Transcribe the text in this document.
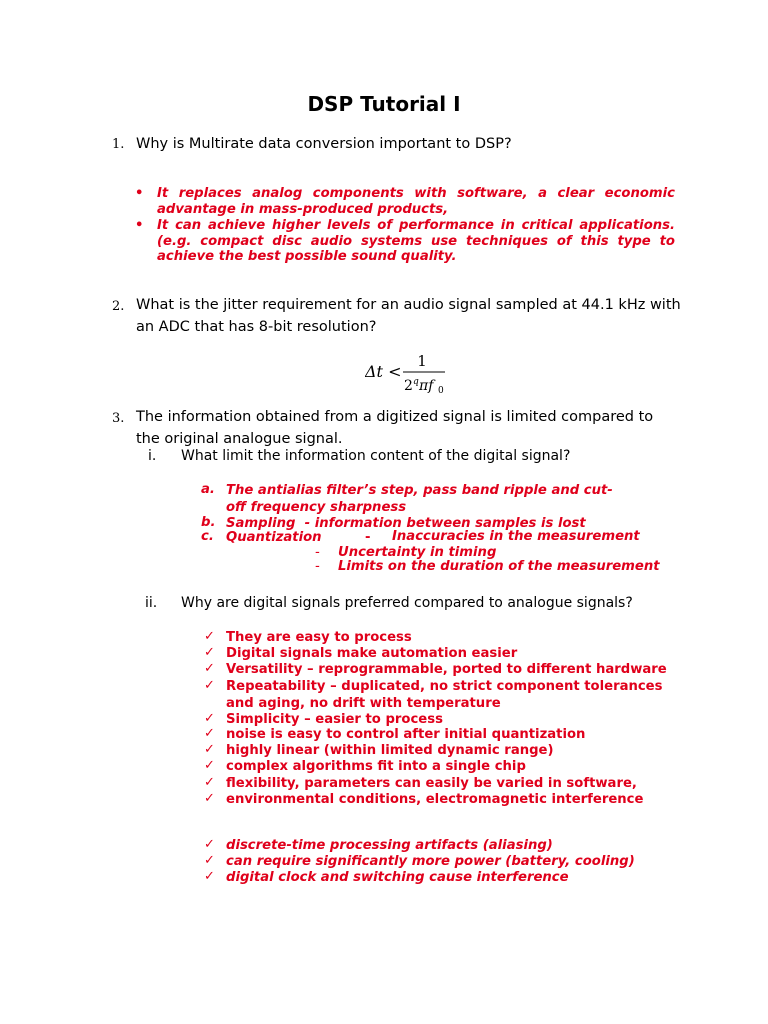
DSP Tutorial I
1. Why is Multirate data conversion important to DSP?
• It replaces analog components with software, a clear economic advantage in mass-produced products,
• It can achieve higher levels of performance in critical applications. (e.g. compact disc audio systems use techniques of this type to achieve the best possible sound quality.
2. What is the jitter requirement for an audio signal sampled at 44.1 kHz with an ADC that has 8-bit resolution?
Δt <
1
2 q πf 0
3. The information obtained from a digitized signal is limited compared to the original analogue signal.
i. What limit the information content of the digital signal?
a. The antialias filter’s step, pass band ripple and cut-off frequency sharpness
b. Sampling  - information between samples is lost
c. Quantization	- Inaccuracies in the measurement
- Uncertainty in timing
- Limits on the duration of the measurement
ii. Why are digital signals preferred compared to analogue signals?
✓ They are easy to process
✓ Digital signals make automation easier
✓ Versatility – reprogrammable, ported to different hardware
✓ Repeatability – duplicated, no strict component tolerances and aging, no drift with temperature
✓ Simplicity – easier to process
✓ noise is easy to control after initial quantization
✓ highly linear (within limited dynamic range)
✓ complex algorithms fit into a single chip
✓ flexibility, parameters can easily be varied in software,
✓ environmental conditions, electromagnetic interference
✓ discrete-time processing artifacts (aliasing)
✓ can require significantly more power (battery, cooling)
✓ digital clock and switching cause interference
